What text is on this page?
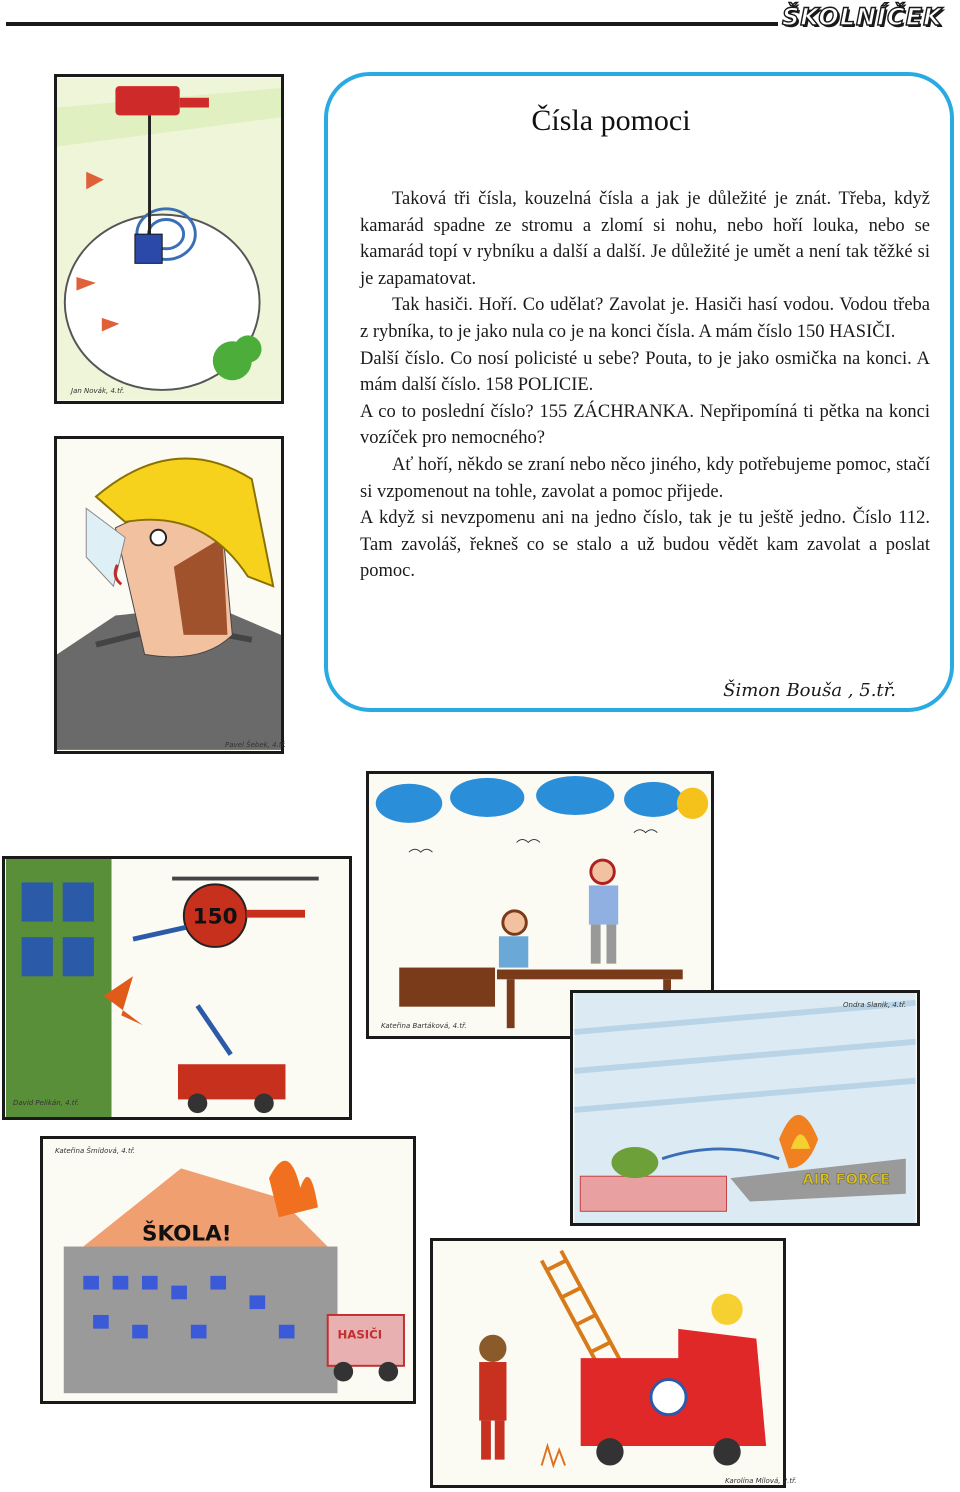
ŠKOLNÍČEK
Jan Novák, 4.tř.
Pavel Šebek, 4.tř.
Čísla pomoci

Taková tři čísla, kouzelná čísla a jak je důležité je znát. Třeba, když kamarád spadne ze stromu a zlomí si nohu, nebo hoří louka, nebo se kamarád topí v rybníku a další a další. Je důležité je umět a není tak těžké si je zapamatovat.

Tak hasiči. Hoří. Co udělat? Zavolat je. Hasiči hasí vodou. Vodou třeba z rybníka, to je jako nula co je na konci čísla. A mám číslo 150 HASIČI.

Další číslo. Co nosí policisté u sebe? Pouta, to je jako osmička na konci. A mám další číslo. 158 POLICIE.

A co to poslední číslo? 155 ZÁCHRANKA. Nepřipomíná ti pětka na konci vozíček pro nemocného?

Ať hoří, někdo se zraní nebo něco jiného, kdy potřebujeme pomoc, stačí si vzpomenout na tohle, zavolat a pomoc přijede.

A když si nevzpomenu ani na jedno číslo, tak je tu ještě jedno. Číslo 112. Tam zavoláš, řekneš co se stalo a už budou vědět kam zavolat a poslat pomoc.

Šimon Bouša , 5.tř.
Kateřina Bartáková, 4.tř.
150
David Pelikán, 4.tř.
AIR FORCE
Ondra Slanik, 4.tř.
ŠKOLA!
HASIČI
Kateřina Šmídová, 4.tř.
Karolína Mílová, 2.tř.
